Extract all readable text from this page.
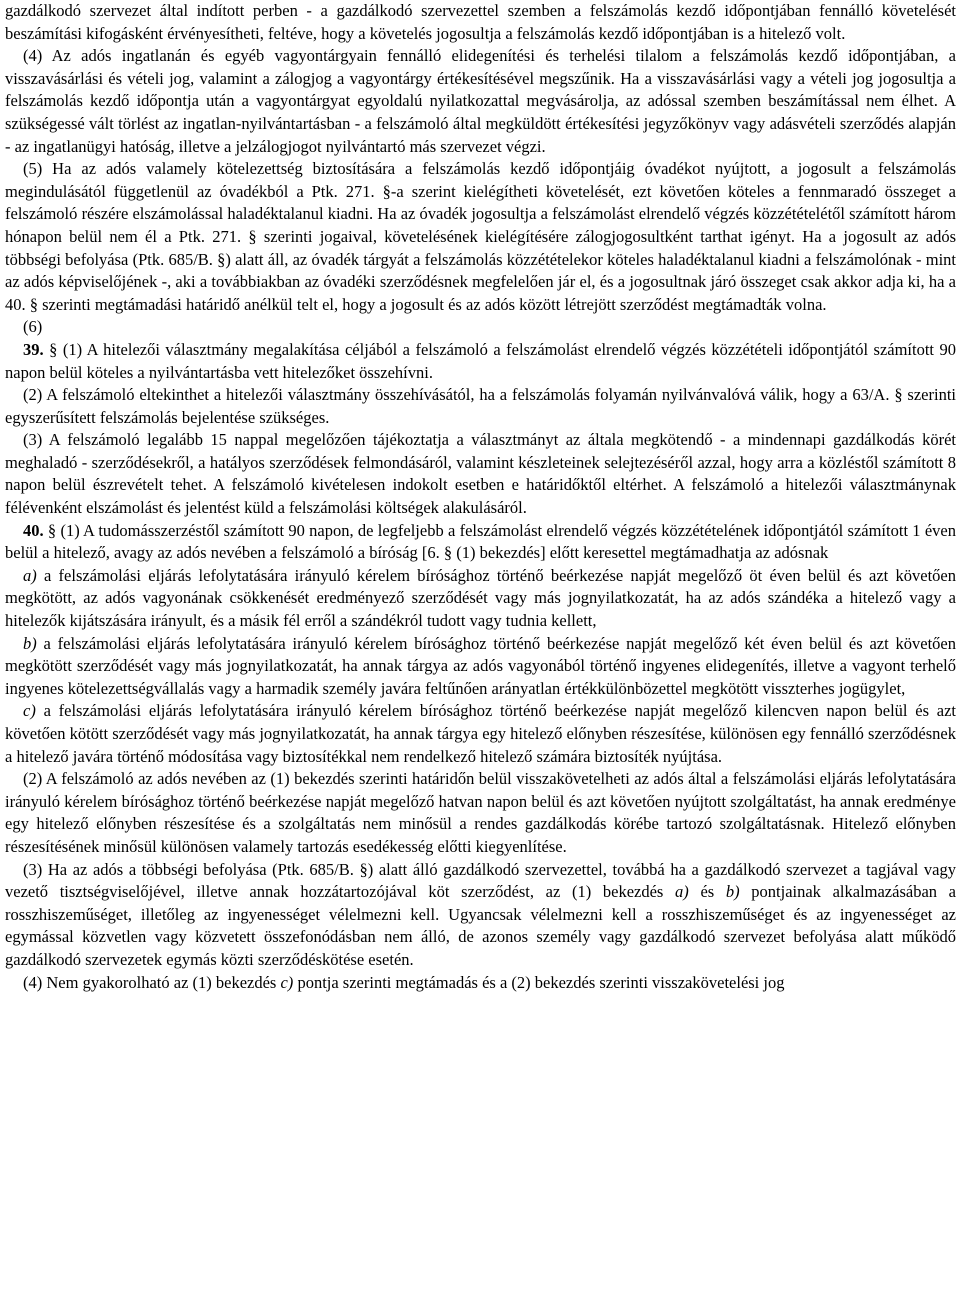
gazdálkodó szervezet által indított perben - a gazdálkodó szervezettel szemben a felszámolás kezdő időpontjában fennálló követelését beszámítási kifogásként érvényesítheti, feltéve, hogy a követelés jogosultja a felszámolás kezdő időpontjában is a hitelező volt.

(4) Az adós ingatlanán és egyéb vagyontárgyain fennálló elidegenítési és terhelési tilalom a felszámolás kezdő időpontjában, a visszavásárlási és vételi jog, valamint a zálogjog a vagyontárgy értékesítésével megszűnik. Ha a visszavásárlási vagy a vételi jog jogosultja a felszámolás kezdő időpontja után a vagyontárgyat egyoldalú nyilatkozattal megvásárolja, az adóssal szemben beszámítással nem élhet. A szükségessé vált törlést az ingatlan-nyilvántartásban - a felszámoló által megküldött értékesítési jegyzőkönyv vagy adásvételi szerződés alapján - az ingatlanügyi hatóság, illetve a jelzálogjogot nyilvántartó más szervezet végzi.

(5) Ha az adós valamely kötelezettség biztosítására a felszámolás kezdő időpontjáig óvadékot nyújtott, a jogosult a felszámolás megindulásától függetlenül az óvadékból a Ptk. 271. §-a szerint kielégítheti követelését, ezt követően köteles a fennmaradó összeget a felszámoló részére elszámolással haladéktalanul kiadni. Ha az óvadék jogosultja a felszámolást elrendelő végzés közzétételétől számított három hónapon belül nem él a Ptk. 271. § szerinti jogaival, követelésének kielégítésére zálogjogosultként tarthat igényt. Ha a jogosult az adós többségi befolyása (Ptk. 685/B. §) alatt áll, az óvadék tárgyát a felszámolás közzétételekor köteles haladéktalanul kiadni a felszámolónak - mint az adós képviselőjének -, aki a továbbiakban az óvadéki szerződésnek megfelelően jár el, és a jogosultnak járó összeget csak akkor adja ki, ha a 40. § szerinti megtámadási határidő anélkül telt el, hogy a jogosult és az adós között létrejött szerződést megtámadták volna.

(6)

39. § (1) A hitelezői választmány megalakítása céljából a felszámoló a felszámolást elrendelő végzés közzétételi időpontjától számított 90 napon belül köteles a nyilvántartásba vett hitelezőket összehívni.

(2) A felszámoló eltekinthet a hitelezői választmány összehívásától, ha a felszámolás folyamán nyilvánvalóvá válik, hogy a 63/A. § szerinti egyszerűsített felszámolás bejelentése szükséges.

(3) A felszámoló legalább 15 nappal megelőzően tájékoztatja a választmányt az általa megkötendő - a mindennapi gazdálkodás körét meghaladó - szerződésekről, a hatályos szerződések felmondásáról, valamint készleteinek selejtezéséről azzal, hogy arra a közléstől számított 8 napon belül észrevételt tehet. A felszámoló kivételesen indokolt esetben e határidőktől eltérhet. A felszámoló a hitelezői választmánynak félévenként elszámolást és jelentést küld a felszámolási költségek alakulásáról.

40. § (1) A tudomásszerzéstől számított 90 napon, de legfeljebb a felszámolást elrendelő végzés közzétételének időpontjától számított 1 éven belül a hitelező, avagy az adós nevében a felszámoló a bíróság [6. § (1) bekezdés] előtt keresettel megtámadhatja az adósnak

a) a felszámolási eljárás lefolytatására irányuló kérelem bírósághoz történő beérkezése napját megelőző öt éven belül és azt követően megkötött, az adós vagyonának csökkenését eredményező szerződését vagy más jognyilatkozatát, ha az adós szándéka a hitelező vagy a hitelezők kijátszására irányult, és a másik fél erről a szándékról tudott vagy tudnia kellett,

b) a felszámolási eljárás lefolytatására irányuló kérelem bírósághoz történő beérkezése napját megelőző két éven belül és azt követően megkötött szerződését vagy más jognyilatkozatát, ha annak tárgya az adós vagyonából történő ingyenes elidegenítés, illetve a vagyont terhelő ingyenes kötelezettségvállalás vagy a harmadik személy javára feltűnően arányatlan értékkülönbözettel megkötött visszterhes jogügylet,

c) a felszámolási eljárás lefolytatására irányuló kérelem bírósághoz történő beérkezése napját megelőző kilencven napon belül és azt követően kötött szerződését vagy más jognyilatkozatát, ha annak tárgya egy hitelező előnyben részesítése, különösen egy fennálló szerződésnek a hitelező javára történő módosítása vagy biztosítékkal nem rendelkező hitelező számára biztosíték nyújtása.

(2) A felszámoló az adós nevében az (1) bekezdés szerinti határidőn belül visszakövetelheti az adós által a felszámolási eljárás lefolytatására irányuló kérelem bírósághoz történő beérkezése napját megelőző hatvan napon belül és azt követően nyújtott szolgáltatást, ha annak eredménye egy hitelező előnyben részesítése és a szolgáltatás nem minősül a rendes gazdálkodás körébe tartozó szolgáltatásnak. Hitelező előnyben részesítésének minősül különösen valamely tartozás esedékesség előtti kiegyenlítése.

(3) Ha az adós a többségi befolyása (Ptk. 685/B. §) alatt álló gazdálkodó szervezettel, továbbá ha a gazdálkodó szervezet a tagjával vagy vezető tisztségviselőjével, illetve annak hozzátartozójával köt szerződést, az (1) bekezdés a) és b) pontjainak alkalmazásában a rosszhiszeműséget, illetőleg az ingyenességet vélelmezni kell. Ugyancsak vélelmezni kell a rosszhiszeműséget és az ingyenességet az egymással közvetlen vagy közvetett összefonódásban nem álló, de azonos személy vagy gazdálkodó szervezet befolyása alatt működő gazdálkodó szervezetek egymás közti szerződéskötése esetén.

(4) Nem gyakorolható az (1) bekezdés c) pontja szerinti megtámadás és a (2) bekezdés szerinti visszakövetelési jog
